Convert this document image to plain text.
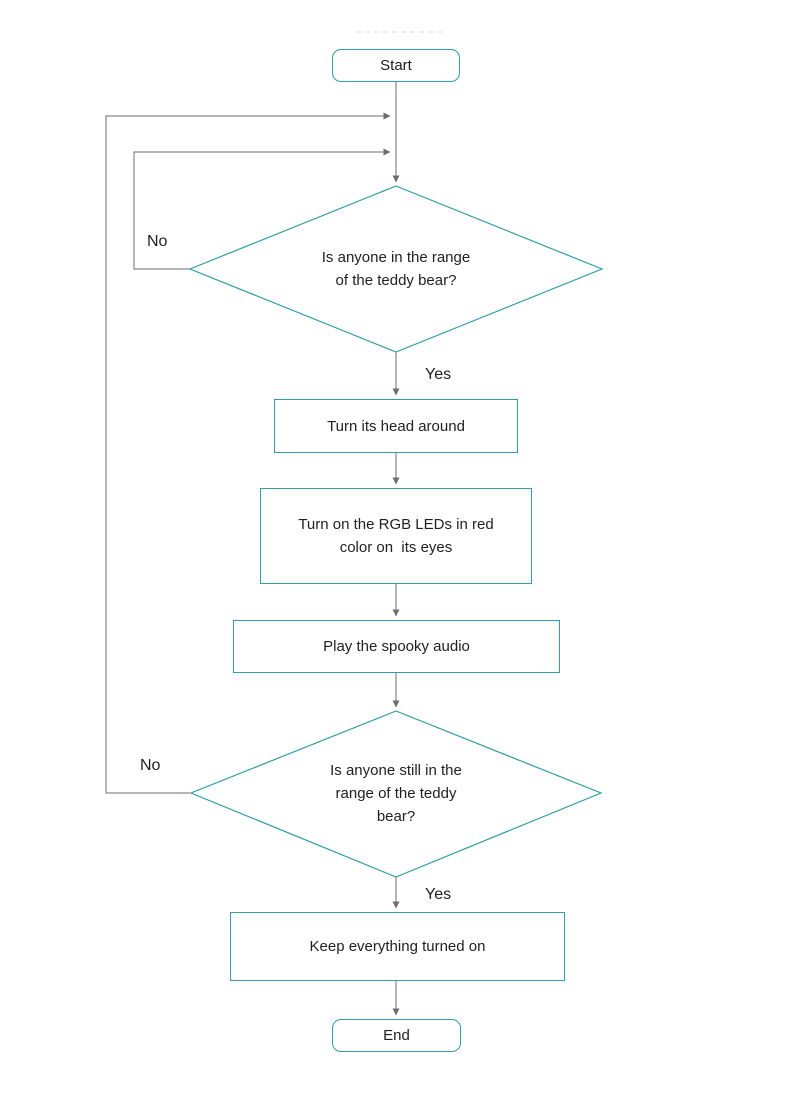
Start
Is anyone in the range
of the teddy bear?
Turn its head around
Turn on the RGB LEDs in red
color on  its eyes
Play the spooky audio
Is anyone still in the
range of the teddy
bear?
Keep everything turned on
End
Yes
No
Yes
No
